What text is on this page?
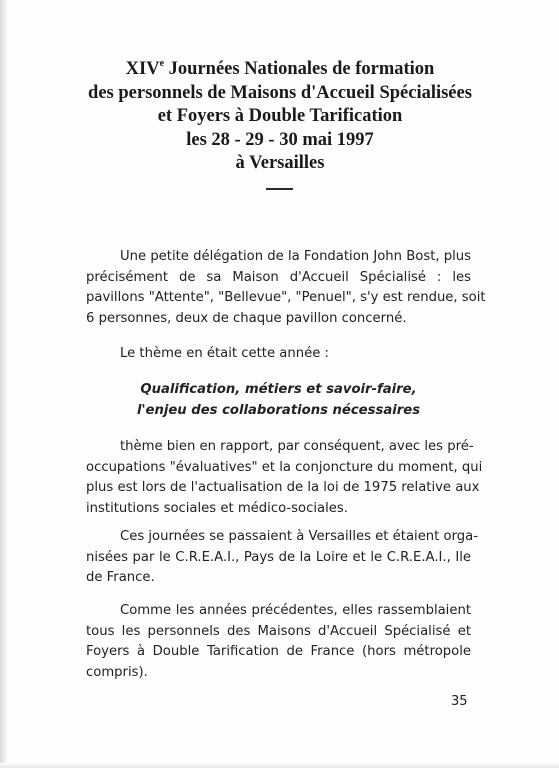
XIVe Journées Nationales de formation
des personnels de Maisons d'Accueil Spécialisées
et Foyers à Double Tarification
les 28 - 29 - 30 mai 1997
à Versailles
Une petite délégation de la Fondation John Bost, plus
précisément de sa Maison d'Accueil Spécialisé : les
pavillons "Attente", "Bellevue", "Penuel", s'y est rendue, soit
6 personnes, deux de chaque pavillon concerné.
Le thème en était cette année :
Qualification, métiers et savoir-faire,
l'enjeu des collaborations nécessaires
thème bien en rapport, par conséquent, avec les pré-
occupations "évaluatives" et la conjoncture du moment, qui
plus est lors de l'actualisation de la loi de 1975 relative aux
institutions sociales et médico-sociales.
Ces journées se passaient à Versailles et étaient orga-
nisées par le C.R.E.A.I., Pays de la Loire et le C.R.E.A.I., Ile
de France.
Comme les années précédentes, elles rassemblaient
tous les personnels des Maisons d'Accueil Spécialisé et
Foyers à Double Tarification de France (hors métropole
compris).
35
